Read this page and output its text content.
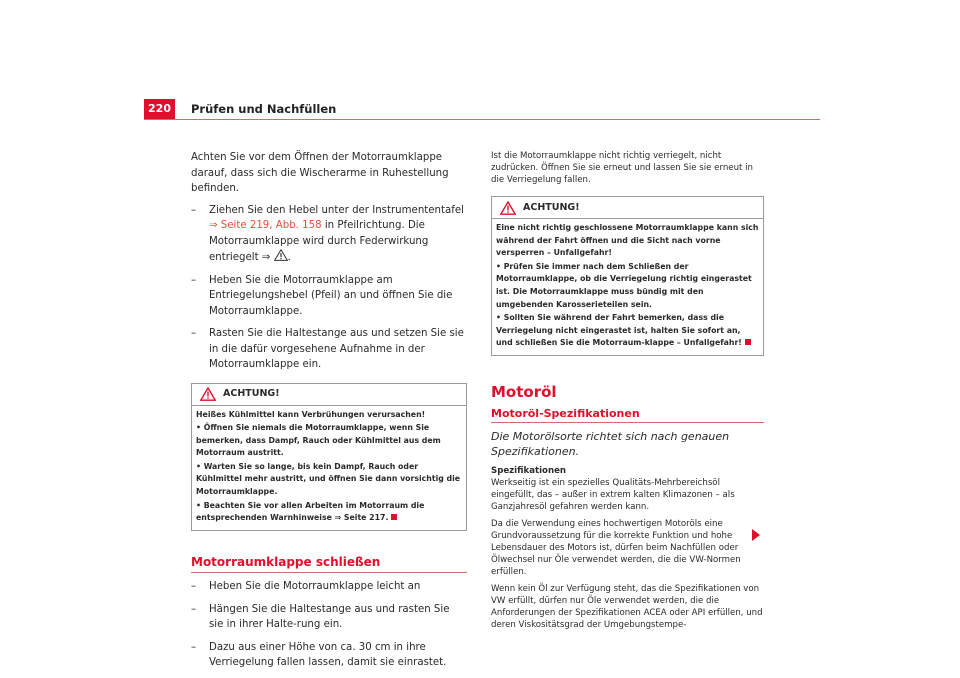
220	Prüfen und Nachfüllen

Achten Sie vor dem Öffnen der Motorraumklappe darauf, dass sich die Wischerarme in Ruhestellung befinden.

– Ziehen Sie den Hebel unter der Instrumententafel ⇒ Seite 219, Abb. 158 in Pfeilrichtung. Die Motorraumklappe wird durch Federwirkung entriegelt ⇒ .
– Heben Sie die Motorraumklappe am Entriegelungshebel (Pfeil) an und öffnen Sie die Motorraumklappe.
– Rasten Sie die Haltestange aus und setzen Sie sie in die dafür vorgesehene Aufnahme in der Motorraumklappe ein.
ACHTUNG!
Heißes Kühlmittel kann Verbrühungen verursachen!
• Öffnen Sie niemals die Motorraumklappe, wenn Sie bemerken, dass Dampf, Rauch oder Kühlmittel aus dem Motorraum austritt.
• Warten Sie so lange, bis kein Dampf, Rauch oder Kühlmittel mehr austritt, und öffnen Sie dann vorsichtig die Motorraumklappe.
• Beachten Sie vor allen Arbeiten im Motorraum die entsprechenden Warnhinweise ⇒ Seite 217.
Motorraumklappe schließen
– Heben Sie die Motorraumklappe leicht an
– Hängen Sie die Haltestange aus und rasten Sie sie in ihrer Halte-rung ein.
– Dazu aus einer Höhe von ca. 30 cm in ihre Verriegelung fallen lassen, damit sie einrastet.

Ist die Motorraumklappe nicht richtig verriegelt, nicht zudrücken. Öffnen Sie sie erneut und lassen Sie sie erneut in die Verriegelung fallen.

ACHTUNG!
Eine nicht richtig geschlossene Motorraumklappe kann sich während der Fahrt öffnen und die Sicht nach vorne versperren – Unfallgefahr!
• Prüfen Sie immer nach dem Schließen der Motorraumklappe, ob die Verriegelung richtig eingerastet ist. Die Motorraumklappe muss bündig mit den umgebenden Karosserieteilen sein.
• Sollten Sie während der Fahrt bemerken, dass die Verriegelung nicht eingerastet ist, halten Sie sofort an, und schließen Sie die Motorraum-klappe – Unfallgefahr!
Motoröl
Motoröl-Spezifikationen

Die Motorölsorte richtet sich nach genauen Spezifikationen.

Spezifikationen

Werkseitig ist ein spezielles Qualitäts-Mehrbereichsöl eingefüllt, das – außer in extrem kalten Klimazonen – als Ganzjahresöl gefahren werden kann.

Da die Verwendung eines hochwertigen Motoröls eine Grundvoraussetzung für die korrekte Funktion und hohe Lebensdauer des Motors ist, dürfen beim Nachfüllen oder Ölwechsel nur Öle verwendet werden, die die VW-Normen erfüllen.

Wenn kein Öl zur Verfügung steht, das die Spezifikationen von VW erfüllt, dürfen nur Öle verwendet werden, die die Anforderungen der Spezifikationen ACEA oder API erfüllen, und deren Viskositätsgrad der Umgebungstempe-
